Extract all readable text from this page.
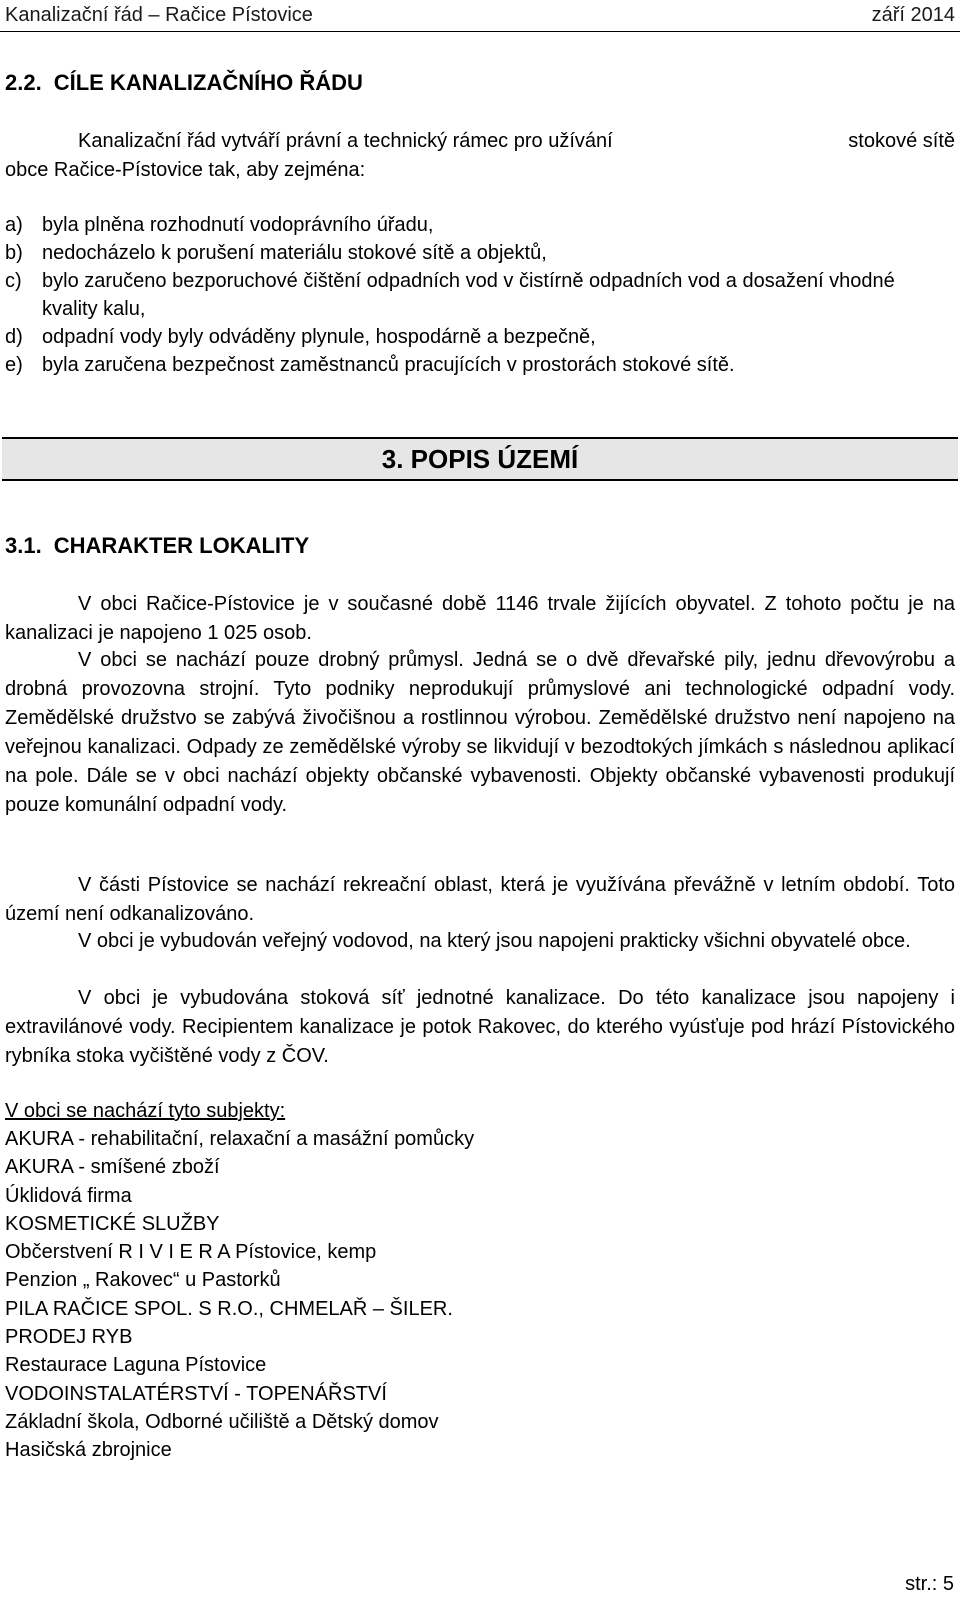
Kanalizační řád – Račice Pístovice	září 2014
2.2. CÍLE KANALIZAČNÍHO ŘÁDU
Kanalizační řád vytváří právní a technický rámec pro užívání	stokové sítě
obce Račice-Pístovice tak, aby zejména:
a) byla plněna rozhodnutí vodoprávního úřadu,
b) nedocházelo k porušení materiálu stokové sítě a objektů,
c) bylo zaručeno bezporuchové čištění odpadních vod v čistírně odpadních vod a dosažení vhodné kvality kalu,
d) odpadní vody byly odváděny plynule, hospodárně a bezpečně,
e) byla zaručena bezpečnost zaměstnanců pracujících v prostorách stokové sítě.
3. POPIS ÚZEMÍ
3.1. CHARAKTER LOKALITY
V obci Račice-Pístovice je v současné době 1146 trvale žijících obyvatel. Z tohoto počtu je na kanalizaci je napojeno 1 025 osob.
V obci se nachází pouze drobný průmysl. Jedná se o dvě dřevařské pily, jednu dřevovýrobu a drobná provozovna strojní. Tyto podniky neprodukují průmyslové ani technologické odpadní vody. Zemědělské družstvo se zabývá živočišnou a rostlinnou výrobou. Zemědělské družstvo není napojeno na veřejnou kanalizaci. Odpady ze zemědělské výroby se likvidují v bezodtokých jímkách s následnou aplikací na pole. Dále se v obci nachází objekty občanské vybavenosti. Objekty občanské vybavenosti produkují pouze komunální odpadní vody.
V části Pístovice se nachází rekreační oblast, která je využívána převážně v letním období. Toto území není odkanalizováno.
V obci je vybudován veřejný vodovod, na který jsou napojeni prakticky všichni obyvatelé obce.
V obci je vybudována stoková síť jednotné kanalizace. Do této kanalizace jsou napojeny i extravilánové vody. Recipientem kanalizace je potok Rakovec, do kterého vyúsťuje pod hrází Pístovického rybníka stoka vyčištěné vody z ČOV.
V obci se nachází tyto subjekty:
AKURA - rehabilitační, relaxační a masážní pomůcky
AKURA - smíšené zboží
Úklidová firma
KOSMETICKÉ SLUŽBY
Občerstvení R I V I E R A Pístovice, kemp
Penzion „ Rakovec“ u Pastorků
PILA RAČICE SPOL. S R.O., CHMELAŘ – ŠILER.
PRODEJ RYB
Restaurace Laguna Pístovice
VODOINSTALATÉRSTVÍ - TOPENÁŘSTVÍ
Základní škola, Odborné učiliště a Dětský domov
Hasičská zbrojnice
str.: 5
